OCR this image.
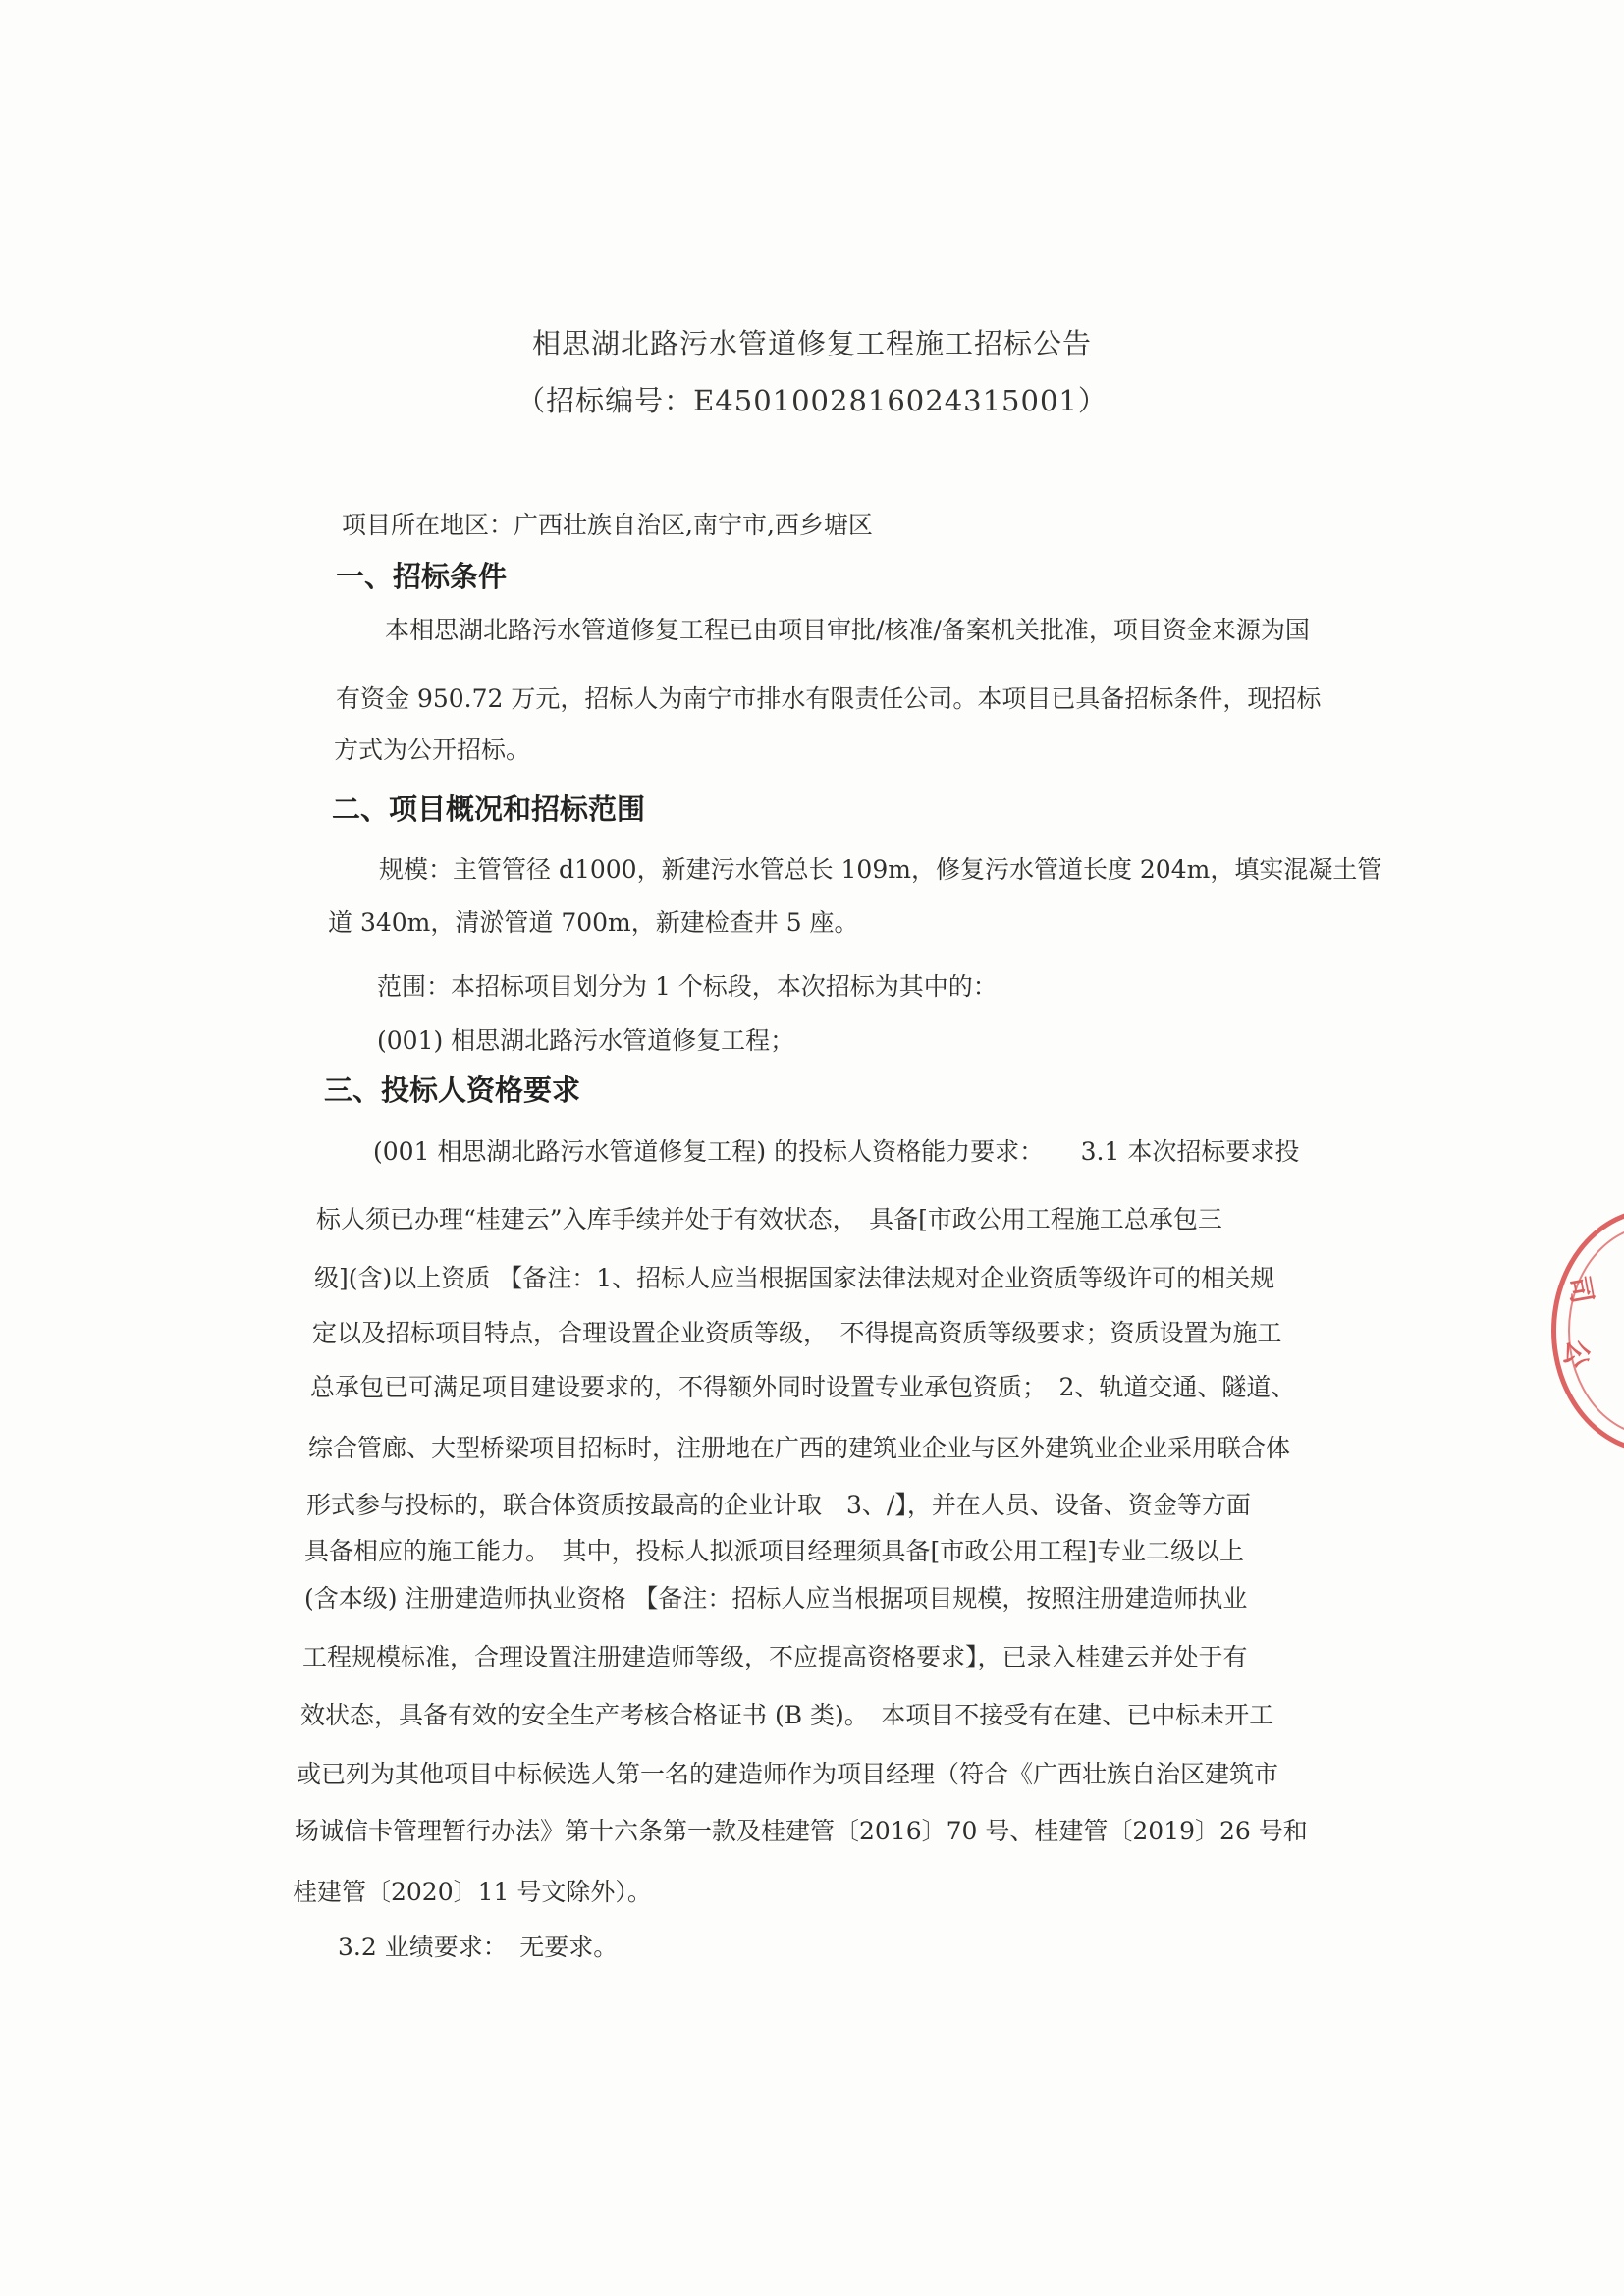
相思湖北路污水管道修复工程施工招标公告
（招标编号：E4501002816024315001）
项目所在地区：广西壮族自治区,南宁市,西乡塘区
一、招标条件
本相思湖北路污水管道修复工程已由项目审批/核准/备案机关批准，项目资金来源为国
有资金 950.72 万元，招标人为南宁市排水有限责任公司。本项目已具备招标条件，现招标
方式为公开招标。
二、项目概况和招标范围
规模：主管管径 d1000，新建污水管总长 109m，修复污水管道长度 204m，填实混凝土管
道 340m，清淤管道 700m，新建检查井 5 座。
范围：本招标项目划分为 1 个标段，本次招标为其中的：
(001) 相思湖北路污水管道修复工程；
三、投标人资格要求
(001 相思湖北路污水管道修复工程) 的投标人资格能力要求：　　3.1 本次招标要求投
标人须已办理“桂建云”入库手续并处于有效状态，　具备[市政公用工程施工总承包三
级](含)以上资质 【备注：1、招标人应当根据国家法律法规对企业资质等级许可的相关规
定以及招标项目特点，合理设置企业资质等级，　不得提高资质等级要求；资质设置为施工
总承包已可满足项目建设要求的，不得额外同时设置专业承包资质；　2、轨道交通、隧道、
综合管廊、大型桥梁项目招标时，注册地在广西的建筑业企业与区外建筑业企业采用联合体
形式参与投标的，联合体资质按最高的企业计取　3、/】，并在人员、设备、资金等方面
具备相应的施工能力。　其中，投标人拟派项目经理须具备[市政公用工程]专业二级以上
(含本级) 注册建造师执业资格 【备注：招标人应当根据项目规模，按照注册建造师执业
工程规模标准，合理设置注册建造师等级，不应提高资格要求】，已录入桂建云并处于有
效状态，具备有效的安全生产考核合格证书 (B 类)。　本项目不接受有在建、已中标未开工
或已列为其他项目中标候选人第一名的建造师作为项目经理（符合《广西壮族自治区建筑市
场诚信卡管理暂行办法》第十六条第一款及桂建管〔2016〕70 号、桂建管〔2019〕26 号和
桂建管〔2020〕11 号文除外）。
3.2 业绩要求：　无要求。
司
公
